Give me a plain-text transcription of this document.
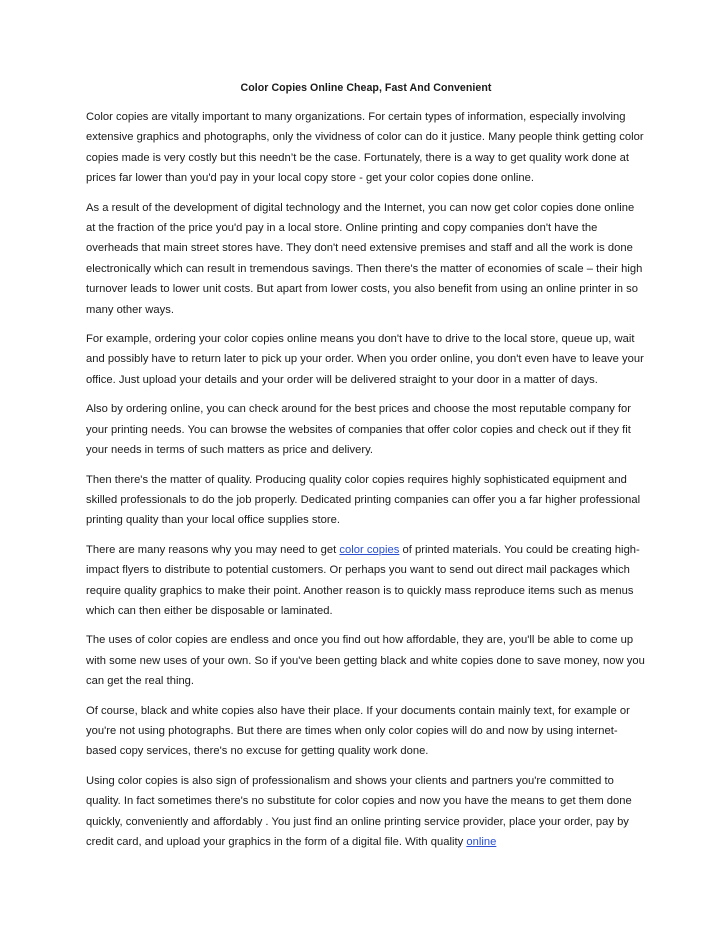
Color Copies Online Cheap, Fast And Convenient

Color copies are vitally important to many organizations. For certain types of information, especially involving extensive graphics and photographs, only the vividness of color can do it justice. Many people think getting color copies made is very costly but this needn’t be the case. Fortunately, there is a way to get quality work done at prices far lower than you'd pay in your local copy store - get your color copies done online.

As a result of the development of digital technology and the Internet, you can now get color copies done online at the fraction of the price you'd pay in a local store. Online printing and copy companies don't have the overheads that main street stores have. They don't need extensive premises and staff and all the work is done electronically which can result in tremendous savings. Then there's the matter of economies of scale – their high turnover leads to lower unit costs. But apart from lower costs, you also benefit from using an online printer in so many other ways.

For example, ordering your color copies online means you don't have to drive to the local store, queue up, wait and possibly have to return later to pick up your order. When you order online, you don't even have to leave your office. Just upload your details and your order will be delivered straight to your door in a matter of days.

Also by ordering online, you can check around for the best prices and choose the most reputable company for your printing needs. You can browse the websites of companies that offer color copies and check out if they fit your needs in terms of such matters as price and delivery.

Then there's the matter of quality. Producing quality color copies requires highly sophisticated equipment and skilled professionals to do the job properly. Dedicated printing companies can offer you a far higher professional printing quality than your local office supplies store.

There are many reasons why you may need to get color copies of printed materials. You could be creating high-impact flyers to distribute to potential customers. Or perhaps you want to send out direct mail packages which require quality graphics to make their point. Another reason is to quickly mass reproduce items such as menus which can then either be disposable or laminated.

The uses of color copies are endless and once you find out how affordable, they are, you'll be able to come up with some new uses of your own. So if you've been getting black and white copies done to save money, now you can get the real thing.

Of course, black and white copies also have their place. If your documents contain mainly text, for example or you're not using photographs. But there are times when only color copies will do and now by using internet-based copy services, there's no excuse for getting quality work done.

Using color copies is also sign of professionalism and shows your clients and partners you're committed to quality. In fact sometimes there's no substitute for color copies and now you have the means to get them done quickly, conveniently and affordably . You just find an online printing service provider, place your order, pay by credit card, and upload your graphics in the form of a digital file. With quality online
